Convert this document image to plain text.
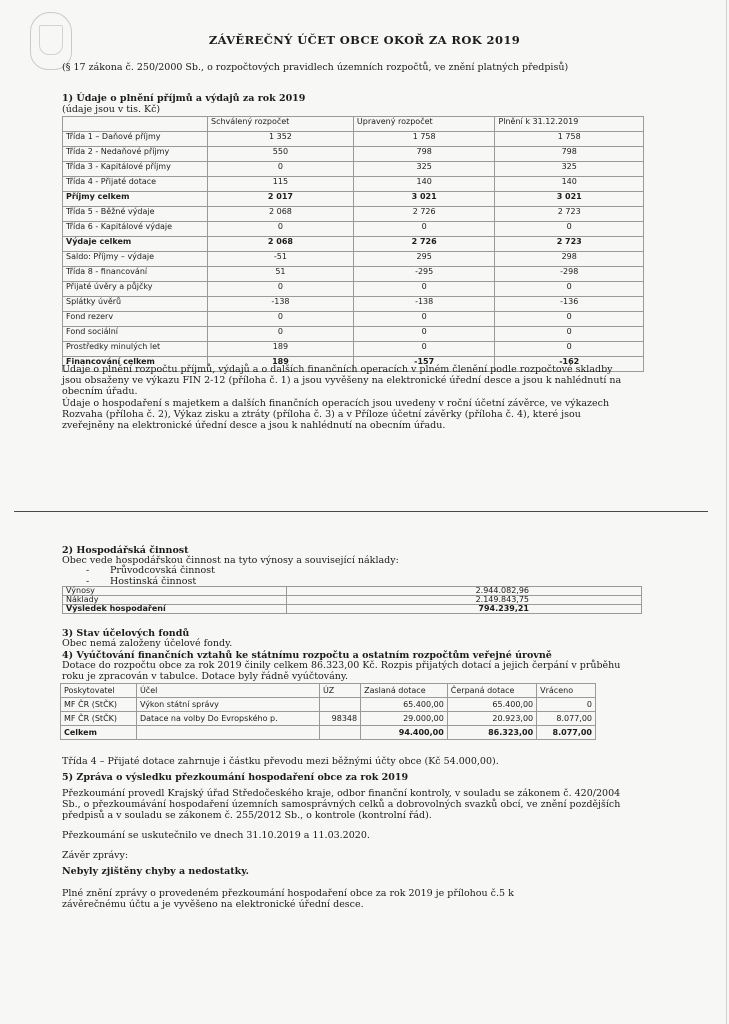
ZÁVĚREČNÝ ÚČET OBCE OKOŘ ZA ROK 2019
(§ 17 zákona č. 250/2000 Sb., o rozpočtových pravidlech územních rozpočtů, ve znění platných předpisů)
1) Údaje o plnění příjmů a výdajů za rok 2019
(údaje jsou v tis. Kč)
	Schválený rozpočet	Upravený rozpočet	Plnění k 31.12.2019
Třída 1 – Daňové příjmy	1 352	1 758	1 758
Třída 2 - Nedaňové příjmy	550	798	798
Třída 3 - Kapitálové příjmy	0	325	325
Třída 4 - Přijaté dotace	115	140	140
Příjmy celkem	2 017	3 021	3 021
Třída 5 - Běžné výdaje	2 068	2 726	2 723
Třída 6 - Kapitálové výdaje	0	0	0
Výdaje celkem	2 068	2 726	2 723
Saldo: Příjmy – výdaje	-51	295	298
Třída 8 - financování	51	-295	-298
Přijaté úvěry a půjčky	0	0	0
Splátky úvěrů	-138	-138	-136
Fond rezerv	0	0	0
Fond sociální	0	0	0
Prostředky minulých let	189	0	0
Financování celkem	189	-157	-162
Údaje o plnění rozpočtu příjmů, výdajů a o dalších finančních operacích v plném členění podle rozpočtové skladby jsou obsaženy ve výkazu FIN 2-12 (příloha č. 1) a jsou vyvěšeny na elektronické úřední desce a jsou k nahlédnutí na obecním úřadu.
Údaje o hospodaření s majetkem a dalších finančních operacích jsou uvedeny v roční účetní závěrce, ve výkazech Rozvaha (příloha č. 2), Výkaz zisku a ztráty (příloha č. 3) a v Příloze účetní závěrky (příloha č. 4), které jsou zveřejněny na elektronické úřední desce a jsou k nahlédnutí na obecním úřadu.
2) Hospodářská činnost
Obec vede hospodářskou činnost na tyto výnosy a související náklady:
- Průvodcovská činnost
- Hostinská činnost
Výnosy	2.944.082,96
Náklady	2.149.843,75
Výsledek hospodaření	794.239,21
3) Stav účelových fondů
Obec nemá založeny účelové fondy.
4) Vyúčtování finančních vztahů ke státnímu rozpočtu a ostatním rozpočtům veřejné úrovně
Dotace do rozpočtu obce za rok 2019 činily celkem 86.323,00 Kč. Rozpis přijatých dotací a jejich čerpání v průběhu roku je zpracován v tabulce. Dotace byly řádně vyúčtovány.
Poskytovatel	Účel	ÚZ	Zaslaná dotace	Čerpaná dotace	Vráceno
MF ČR (StČK)	Výkon státní správy		65.400,00	65.400,00	0
MF ČR (StČK)	Datace na volby Do Evropského p.	98348	29.000,00	20.923,00	8.077,00
Celkem			94.400,00	86.323,00	8.077,00
Třída 4 – Přijaté dotace zahrnuje i částku převodu mezi běžnými účty obce (Kč 54.000,00).
5) Zpráva o výsledku přezkoumání hospodaření obce za rok 2019
Přezkoumání provedl Krajský úřad Středočeského kraje, odbor finanční kontroly, v souladu se zákonem č. 420/2004 Sb., o přezkoumávání hospodaření územních samosprávných celků a dobrovolných svazků obcí, ve znění pozdějších předpisů a v souladu se zákonem č. 255/2012 Sb., o kontrole (kontrolní řád).
Přezkoumání se uskutečnilo ve dnech 31.10.2019 a 11.03.2020.
Závěr zprávy:
Nebyly zjištěny chyby a nedostatky.
Plné znění zprávy o provedeném přezkoumání hospodaření obce za rok 2019 je přílohou č.5 k závěrečnému účtu a je vyvěšeno na elektronické úřední desce.
